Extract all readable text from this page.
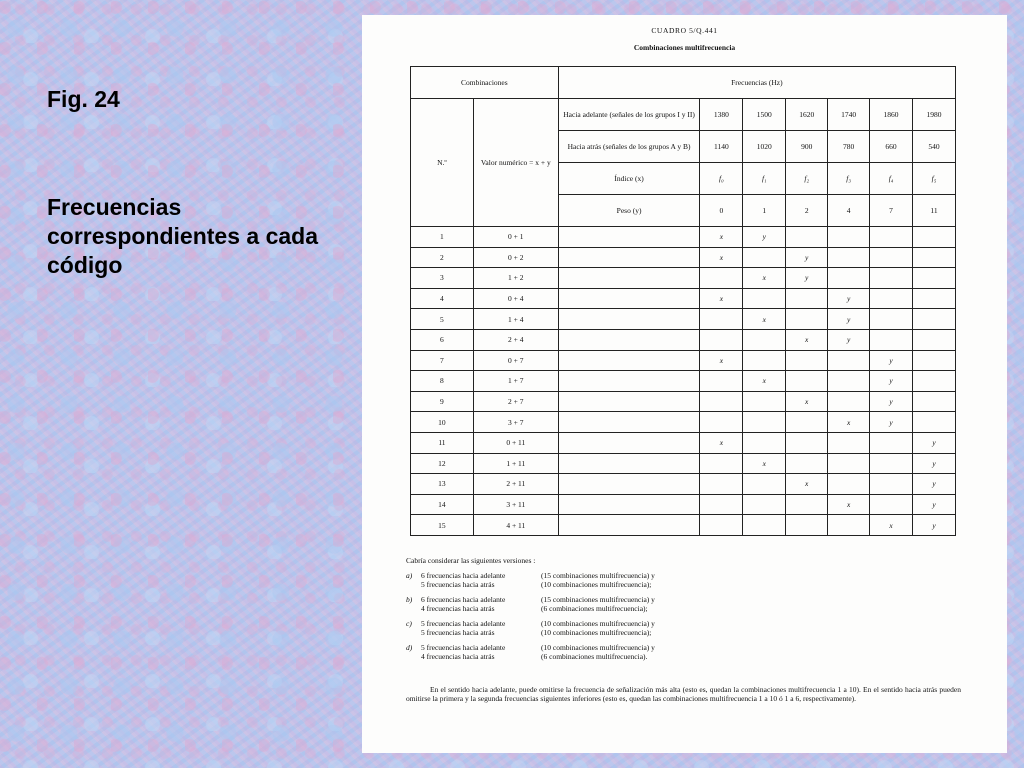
Fig. 24
Frecuencias correspondientes a cada código
CUADRO 5/Q.441
Combinaciones multifrecuencia
Combinaciones		Frecuencias (Hz)						
N.º	Valor numérico = x + y	Hacia adelante (señales de los grupos I y II)	1380	1500	1620	1740	1860	1980
		Hacia atrás (señales de los grupos A y B)	1140	1020	900	780	660	540
		Índice (x)	f₀	f₁	f₂	f₃	f₄	f₅
		Peso (y)	0	1	2	4	7	11
1	0 + 1		x	y				
2	0 + 2		x		y			
3	1 + 2			x	y			
4	0 + 4		x			y		
5	1 + 4			x		y		
6	2 + 4				x	y		
7	0 + 7		x				y	
8	1 + 7			x			y	
9	2 + 7				x		y	
10	3 + 7					x	y	
11	0 + 11		x					y
12	1 + 11			x				y
13	2 + 11				x			y
14	3 + 11					x		y
15	4 + 11						x	y
Cabría considerar las siguientes versiones :
a)	6 frecuencias hacia adelante	(15 combinaciones multifrecuencia) y
5 frecuencias hacia atrás	(10 combinaciones multifrecuencia);
b)	6 frecuencias hacia adelante	(15 combinaciones multifrecuencia) y
4 frecuencias hacia atrás	(6 combinaciones multifrecuencia);
c)	5 frecuencias hacia adelante	(10 combinaciones multifrecuencia) y
5 frecuencias hacia atrás	(10 combinaciones multifrecuencia);
d)	5 frecuencias hacia adelante	(10 combinaciones multifrecuencia) y
4 frecuencias hacia atrás	(6 combinaciones multifrecuencia).
En el sentido hacia adelante, puede omitirse la frecuencia de señalización más alta (esto es, quedan la combinaciones multifrecuencia 1 a 10). En el sentido hacia atrás pueden omitirse la primera y la segunda frecuencias siguientes inferiores (esto es, quedan las combinaciones multifrecuencia 1 a 10 ó 1 a 6, respectivamente).
